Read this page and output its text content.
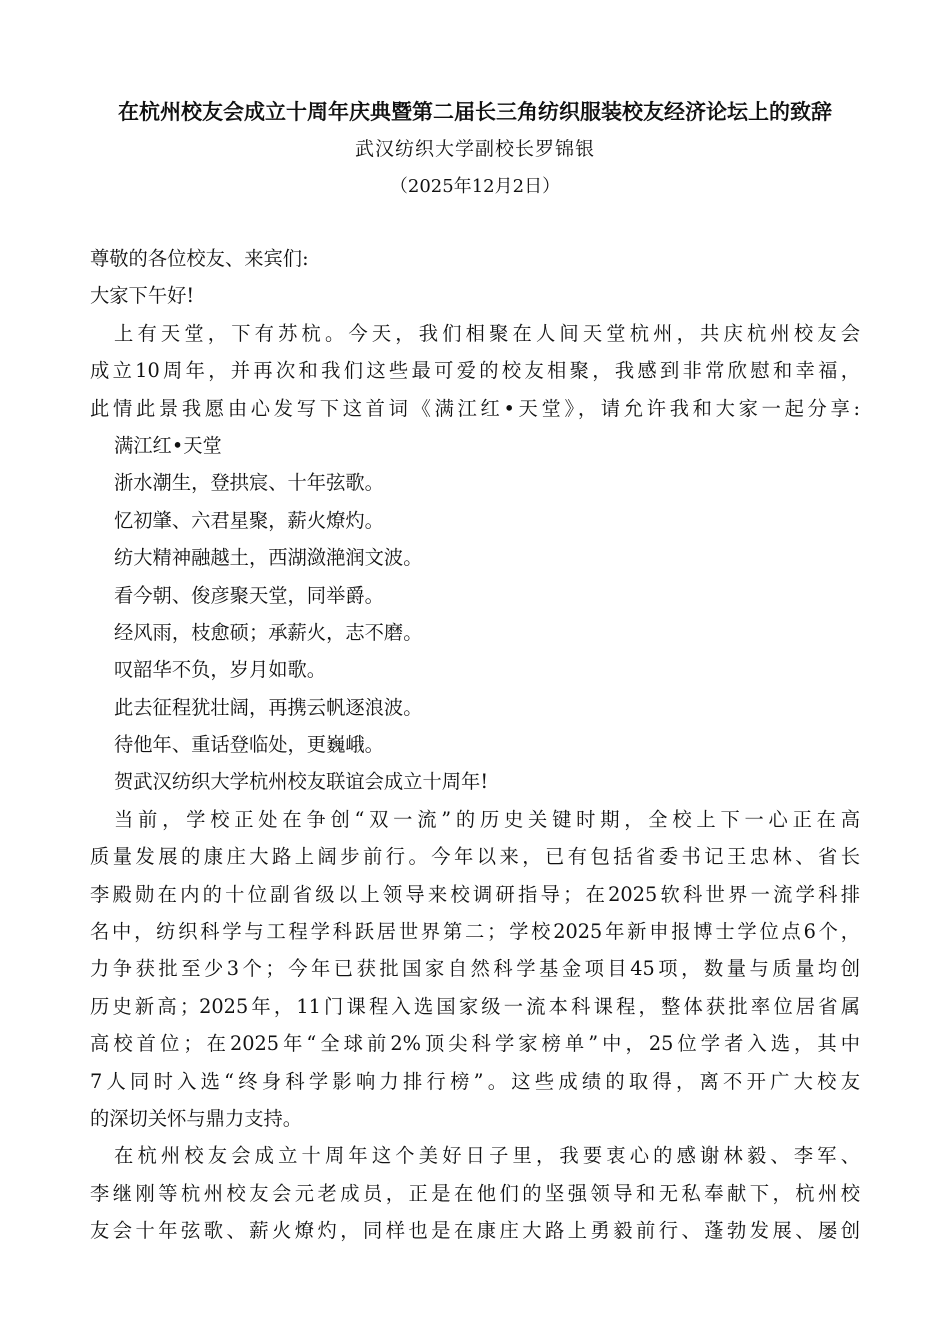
在杭州校友会成立十周年庆典暨第二届长三角纺织服装校友经济论坛上的致辞
武汉纺织大学副校长罗锦银
（2025年12月2日）
尊敬的各位校友、来宾们:
大家下午好!
上有天堂，下有苏杭。今天，我们相聚在人间天堂杭州，共庆杭州校友会
成立10周年，并再次和我们这些最可爱的校友相聚，我感到非常欣慰和幸福，
此情此景我愿由心发写下这首词《满江红•天堂》，请允许我和大家一起分享:
满江红•天堂
浙水潮生，登拱宸、十年弦歌。
忆初肇、六君星聚，薪火燎灼。
纺大精神融越土，西湖潋滟润文波。
看今朝、俊彦聚天堂，同举爵。
经风雨，枝愈硕；承薪火，志不磨。
叹韶华不负，岁月如歌。
此去征程犹壮阔，再携云帆逐浪波。
待他年、重话登临处，更巍峨。
贺武汉纺织大学杭州校友联谊会成立十周年!
当前，学校正处在争创“双一流”的历史关键时期，全校上下一心正在高
质量发展的康庄大路上阔步前行。今年以来，已有包括省委书记王忠林、省长
李殿勋在内的十位副省级以上领导来校调研指导；在2025软科世界一流学科排
名中，纺织科学与工程学科跃居世界第二；学校2025年新申报博士学位点6个，
力争获批至少3个；今年已获批国家自然科学基金项目45项，数量与质量均创
历史新高；2025年，11门课程入选国家级一流本科课程，整体获批率位居省属
高校首位；在2025年“全球前2%顶尖科学家榜单”中，25位学者入选，其中
7人同时入选“终身科学影响力排行榜”。这些成绩的取得，离不开广大校友
的深切关怀与鼎力支持。
在杭州校友会成立十周年这个美好日子里，我要衷心的感谢林毅、李军、
李继刚等杭州校友会元老成员，正是在他们的坚强领导和无私奉献下，杭州校
友会十年弦歌、薪火燎灼，同样也是在康庄大路上勇毅前行、蓬勃发展、屡创
